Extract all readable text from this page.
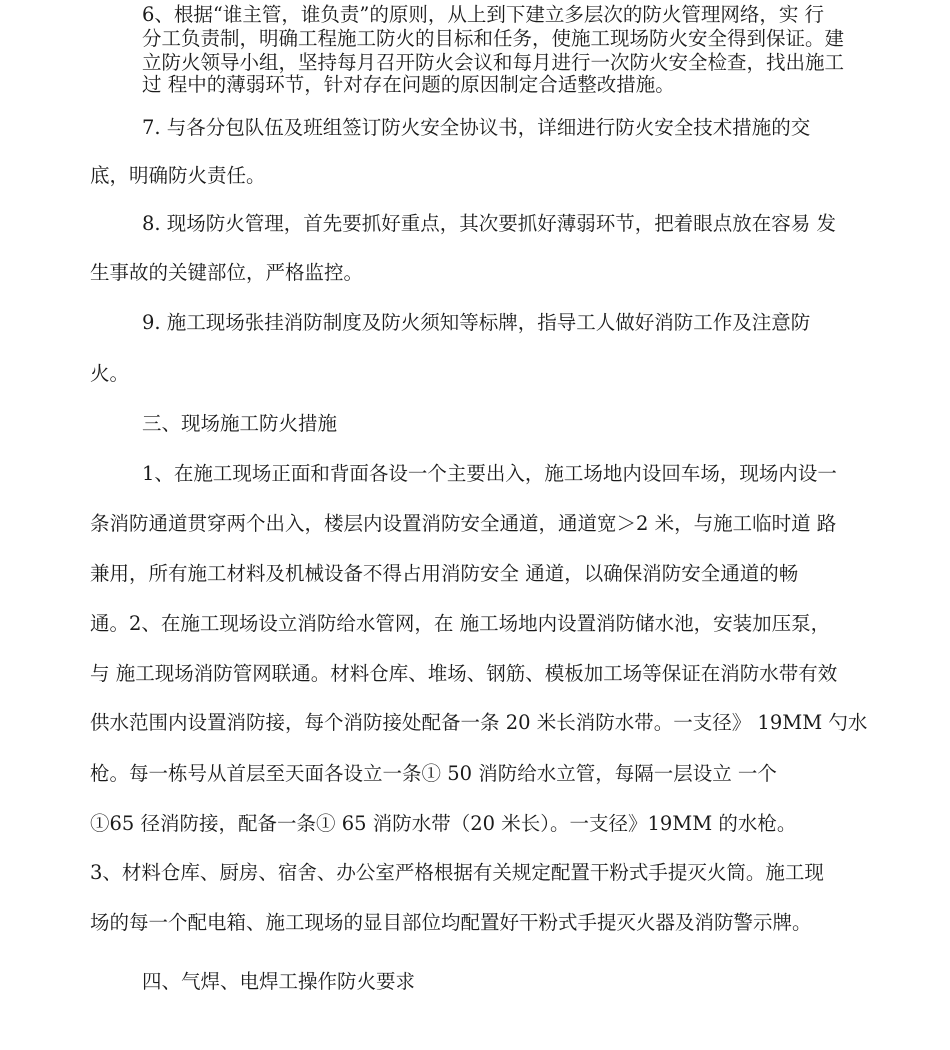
6、根据“谁主管，谁负责”的原则，从上到下建立多层次的防火管理网络，实 行
分工负责制，明确工程施工防火的目标和任务，使施工现场防火安全得到保证。建
立防火领导小组，坚持每月召开防火会议和每月进行一次防火安全检查，找出施工
过 程中的薄弱环节，针对存在问题的原因制定合适整改措施。
7. 与各分包队伍及班组签订防火安全协议书，详细进行防火安全技术措施的交
底，明确防火责任。
8. 现场防火管理，首先要抓好重点，其次要抓好薄弱环节，把着眼点放在容易 发
生事故的关键部位，严格监控。
9. 施工现场张挂消防制度及防火须知等标牌，指导工人做好消防工作及注意防
火。
三、现场施工防火措施
1、在施工现场正面和背面各设一个主要出入，施工场地内设回车场，现场内设一
条消防通道贯穿两个出入，楼层内设置消防安全通道，通道宽＞2 米，与施工临时道 路
兼用，所有施工材料及机械设备不得占用消防安全 通道，以确保消防安全通道的畅
通。2、在施工现场设立消防给水管网，在 施工场地内设置消防储水池，安装加压泵，
与 施工现场消防管网联通。材料仓库、堆场、钢筋、模板加工场等保证在消防水带有效
供水范围内设置消防接，每个消防接处配备一条 20 米长消防水带。一支径》 19MM 勺水
枪。每一栋号从首层至天面各设立一条① 50 消防给水立管，每隔一层设立 一个
①65 径消防接，配备一条① 65 消防水带（20 米长）。一支径》19MM 的水枪。
3、材料仓库、厨房、宿舍、办公室严格根据有关规定配置干粉式手提灭火筒。施工现
场的每一个配电箱、施工现场的显目部位均配置好干粉式手提灭火器及消防警示牌。
四、气焊、电焊工操作防火要求
